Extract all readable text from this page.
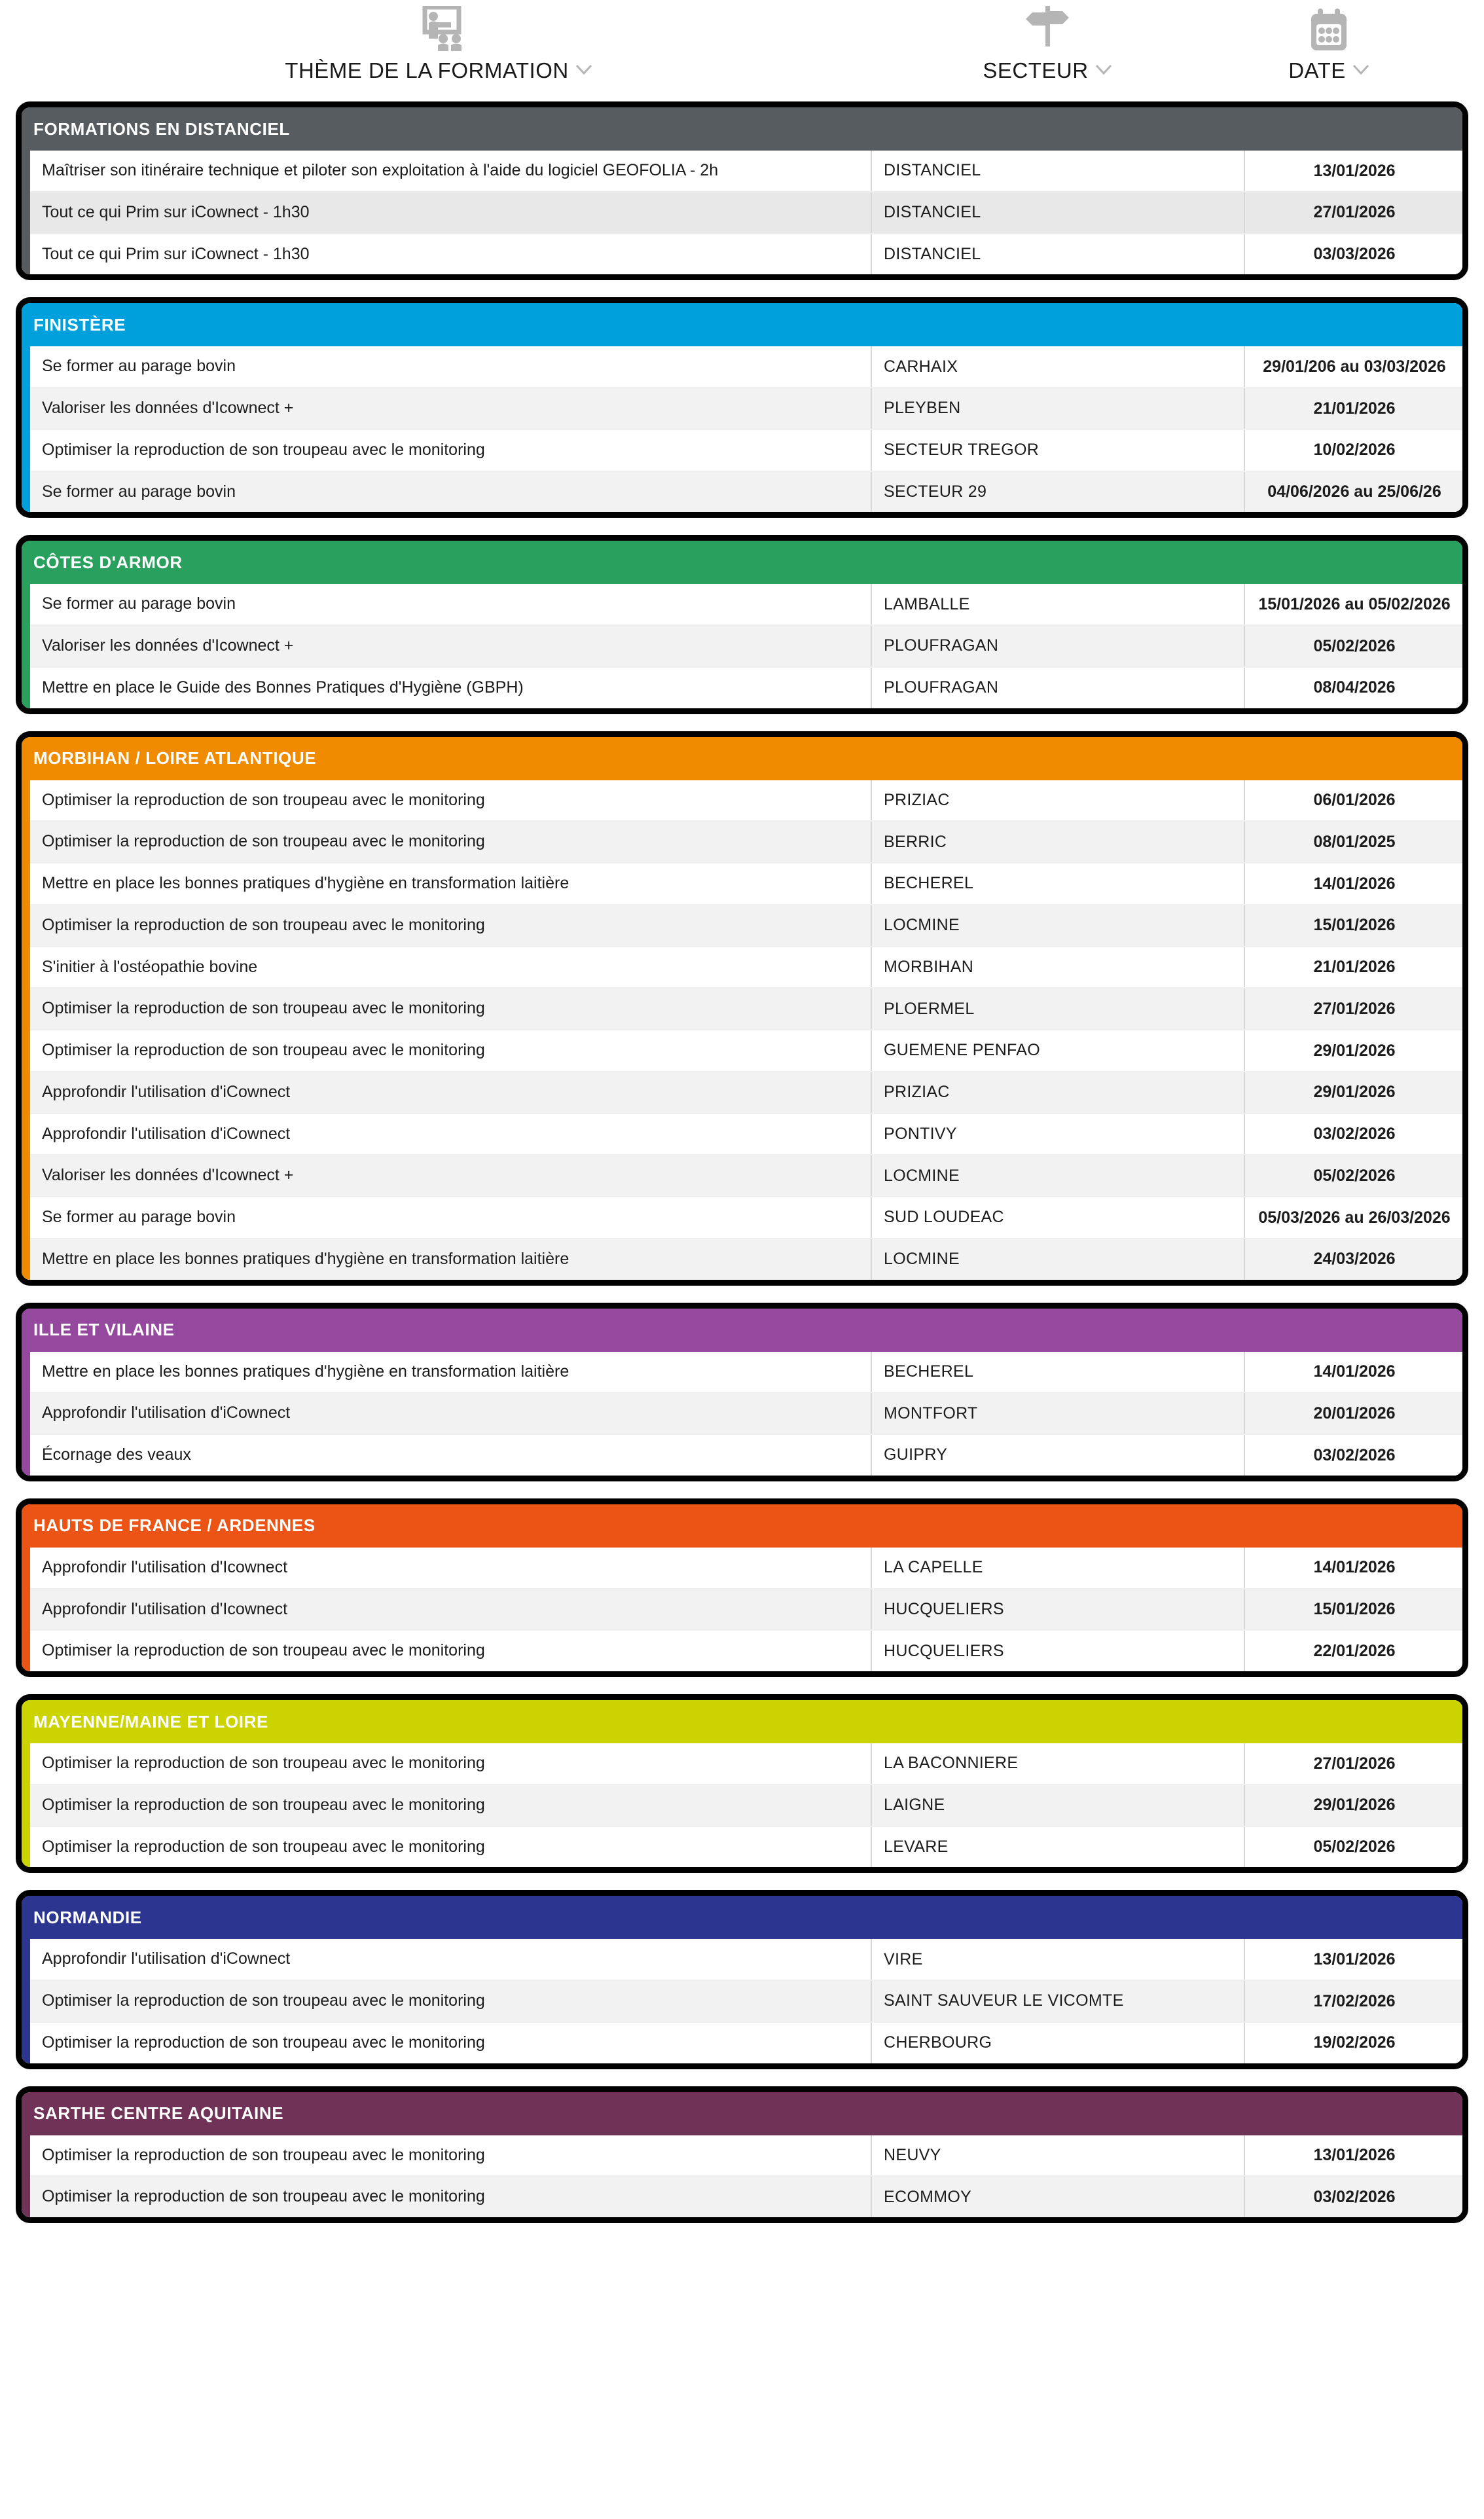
THÈME DE LA FORMATION	SECTEUR	DATE
FORMATIONS EN DISTANCIEL
Maîtriser son itinéraire technique et piloter son exploitation à l'aide du logiciel GEOFOLIA - 2h	DISTANCIEL	13/01/2026
Tout ce qui Prim sur iCownect - 1h30	DISTANCIEL	27/01/2026
Tout ce qui Prim sur iCownect - 1h30	DISTANCIEL	03/03/2026
FINISTÈRE
Se former au parage bovin	CARHAIX	29/01/206 au 03/03/2026
Valoriser les données d'Icownect +	PLEYBEN	21/01/2026
Optimiser la reproduction de son troupeau avec le monitoring	SECTEUR TREGOR	10/02/2026
Se former au parage bovin	SECTEUR 29	04/06/2026 au 25/06/26
CÔTES D'ARMOR
Se former au parage bovin	LAMBALLE	15/01/2026 au 05/02/2026
Valoriser les données d'Icownect +	PLOUFRAGAN	05/02/2026
Mettre en place le Guide des Bonnes Pratiques d'Hygiène (GBPH)	PLOUFRAGAN	08/04/2026
MORBIHAN / LOIRE ATLANTIQUE
Optimiser la reproduction de son troupeau avec le monitoring	PRIZIAC	06/01/2026
Optimiser la reproduction de son troupeau avec le monitoring	BERRIC	08/01/2025
Mettre en place les bonnes pratiques d'hygiène en transformation laitière	BECHEREL	14/01/2026
Optimiser la reproduction de son troupeau avec le monitoring	LOCMINE	15/01/2026
S'initier à l'ostéopathie bovine	MORBIHAN	21/01/2026
Optimiser la reproduction de son troupeau avec le monitoring	PLOERMEL	27/01/2026
Optimiser la reproduction de son troupeau avec le monitoring	GUEMENE PENFAO	29/01/2026
Approfondir l'utilisation d'iCownect	PRIZIAC	29/01/2026
Approfondir l'utilisation d'iCownect	PONTIVY	03/02/2026
Valoriser les données d'Icownect +	LOCMINE	05/02/2026
Se former au parage bovin	SUD LOUDEAC	05/03/2026 au 26/03/2026
Mettre en place les bonnes pratiques d'hygiène en transformation laitière	LOCMINE	24/03/2026
ILLE ET VILAINE
Mettre en place les bonnes pratiques d'hygiène en transformation laitière	BECHEREL	14/01/2026
Approfondir l'utilisation d'iCownect	MONTFORT	20/01/2026
Écornage des veaux	GUIPRY	03/02/2026
HAUTS DE FRANCE / ARDENNES
Approfondir l'utilisation d'Icownect	LA CAPELLE	14/01/2026
Approfondir l'utilisation d'Icownect	HUCQUELIERS	15/01/2026
Optimiser la reproduction de son troupeau avec le monitoring	HUCQUELIERS	22/01/2026
MAYENNE/MAINE ET LOIRE
Optimiser la reproduction de son troupeau avec le monitoring	LA BACONNIERE	27/01/2026
Optimiser la reproduction de son troupeau avec le monitoring	LAIGNE	29/01/2026
Optimiser la reproduction de son troupeau avec le monitoring	LEVARE	05/02/2026
NORMANDIE
Approfondir l'utilisation d'iCownect	VIRE	13/01/2026
Optimiser la reproduction de son troupeau avec le monitoring	SAINT SAUVEUR LE VICOMTE	17/02/2026
Optimiser la reproduction de son troupeau avec le monitoring	CHERBOURG	19/02/2026
SARTHE CENTRE AQUITAINE
Optimiser la reproduction de son troupeau avec le monitoring	NEUVY	13/01/2026
Optimiser la reproduction de son troupeau avec le monitoring	ECOMMOY	03/02/2026
